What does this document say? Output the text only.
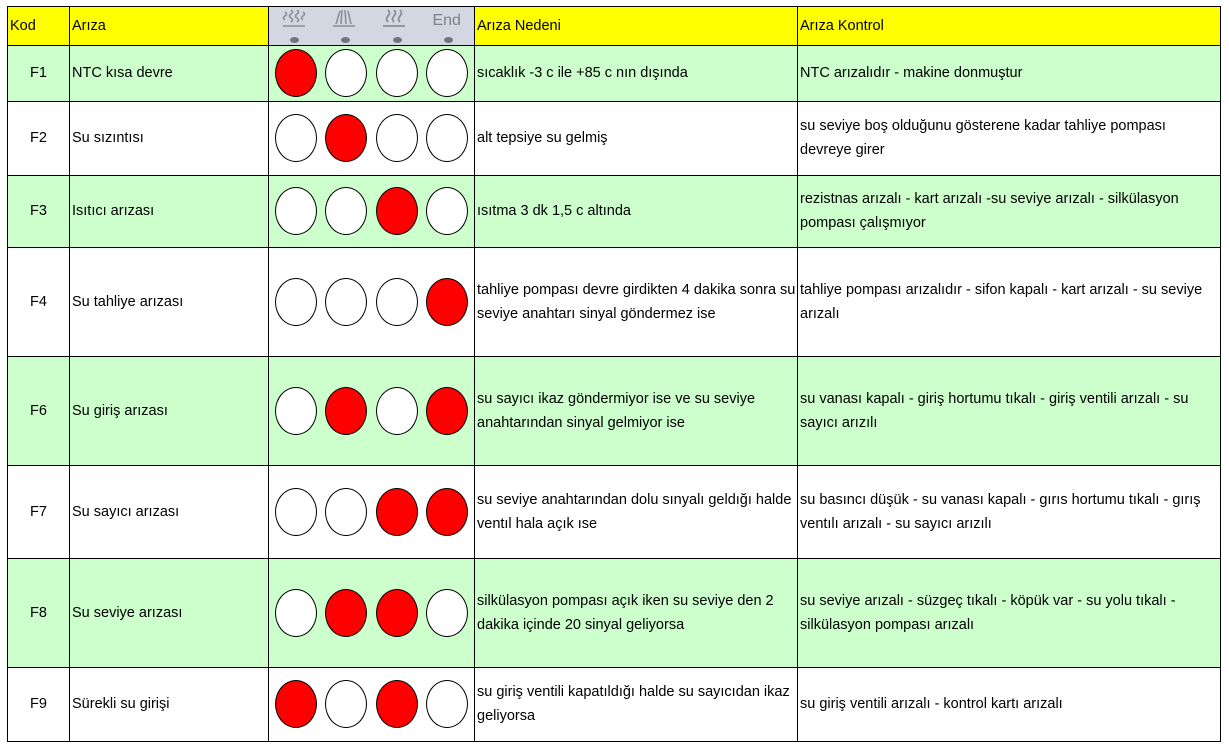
Kod	Arıza	End	Arıza Nedeni	Arıza Kontrol
F1	NTC kısa devre		sıcaklık -3 c ile +85 c nın dışında	NTC arızalıdır - makine donmuştur
F2	Su sızıntısı		alt tepsiye su gelmiş	su seviye boş olduğunu gösterene kadar tahliye pompası devreye girer
F3	Isıtıcı arızası		ısıtma 3 dk 1,5 c altında	rezistnas arızalı - kart arızalı -su seviye arızalı - silkülasyon pompası çalışmıyor
F4	Su tahliye arızası		tahliye pompası devre girdikten 4 dakika sonra su seviye anahtarı sinyal göndermez ise	tahliye pompası arızalıdır - sifon kapalı - kart arızalı - su seviye arızalı
F6	Su giriş arızası		su sayıcı ikaz göndermiyor ise ve su seviye anahtarından sinyal gelmiyor ise	su vanası kapalı - giriş hortumu tıkalı - giriş ventili arızalı - su sayıcı arızılı
F7	Su sayıcı arızası		su seviye anahtarından dolu sınyalı geldığı halde ventıl hala açık ıse	su basıncı düşük - su vanası kapalı - gırıs hortumu tıkalı - gırış ventılı arızalı - su sayıcı arızılı
F8	Su seviye arızası		silkülasyon pompası açık iken su seviye den 2 dakika içinde 20 sinyal geliyorsa	su seviye arızalı - süzgeç tıkalı - köpük var - su yolu tıkalı - silkülasyon pompası arızalı
F9	Sürekli su girişi		su giriş ventili kapatıldığı halde su sayıcıdan ikaz geliyorsa	su giriş ventili arızalı - kontrol kartı arızalı
